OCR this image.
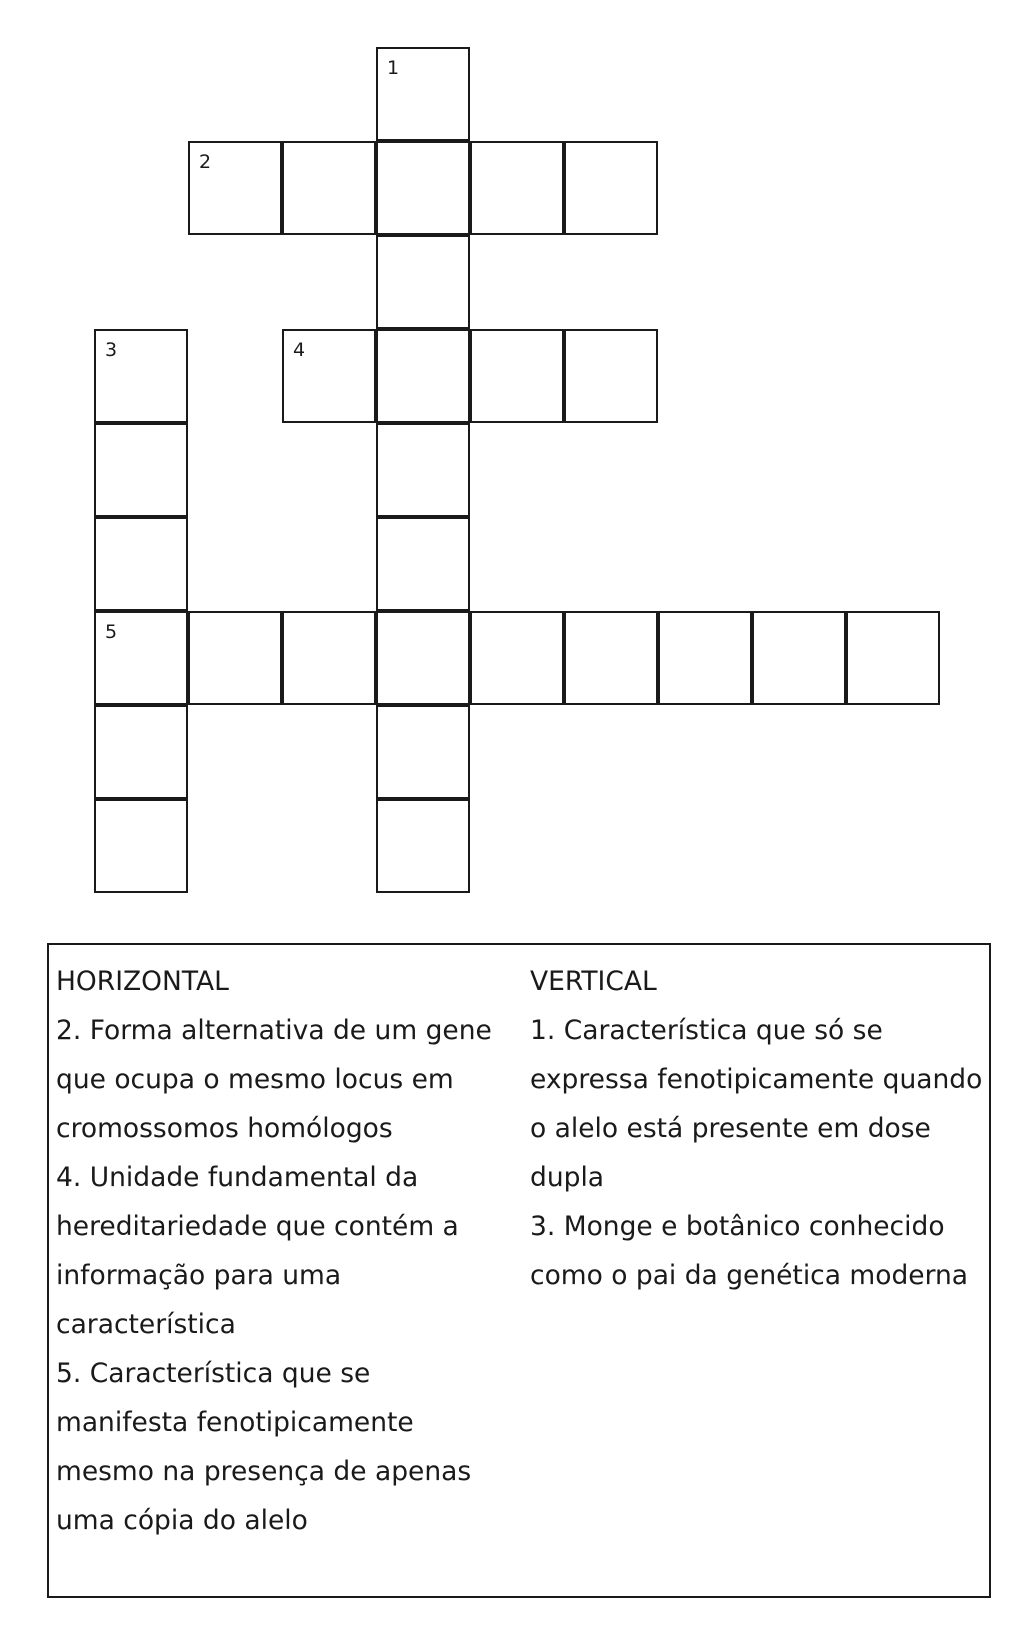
1
2
3	4
5
HORIZONTAL
2. Forma alternativa de um gene
que ocupa o mesmo locus em
cromossomos homólogos
4. Unidade fundamental da
hereditariedade que contém a
informação para uma
característica
5. Característica que se
manifesta fenotipicamente
mesmo na presença de apenas
uma cópia do alelo
VERTICAL
1. Característica que só se
expressa fenotipicamente quando
o alelo está presente em dose
dupla
3. Monge e botânico conhecido
como o pai da genética moderna
